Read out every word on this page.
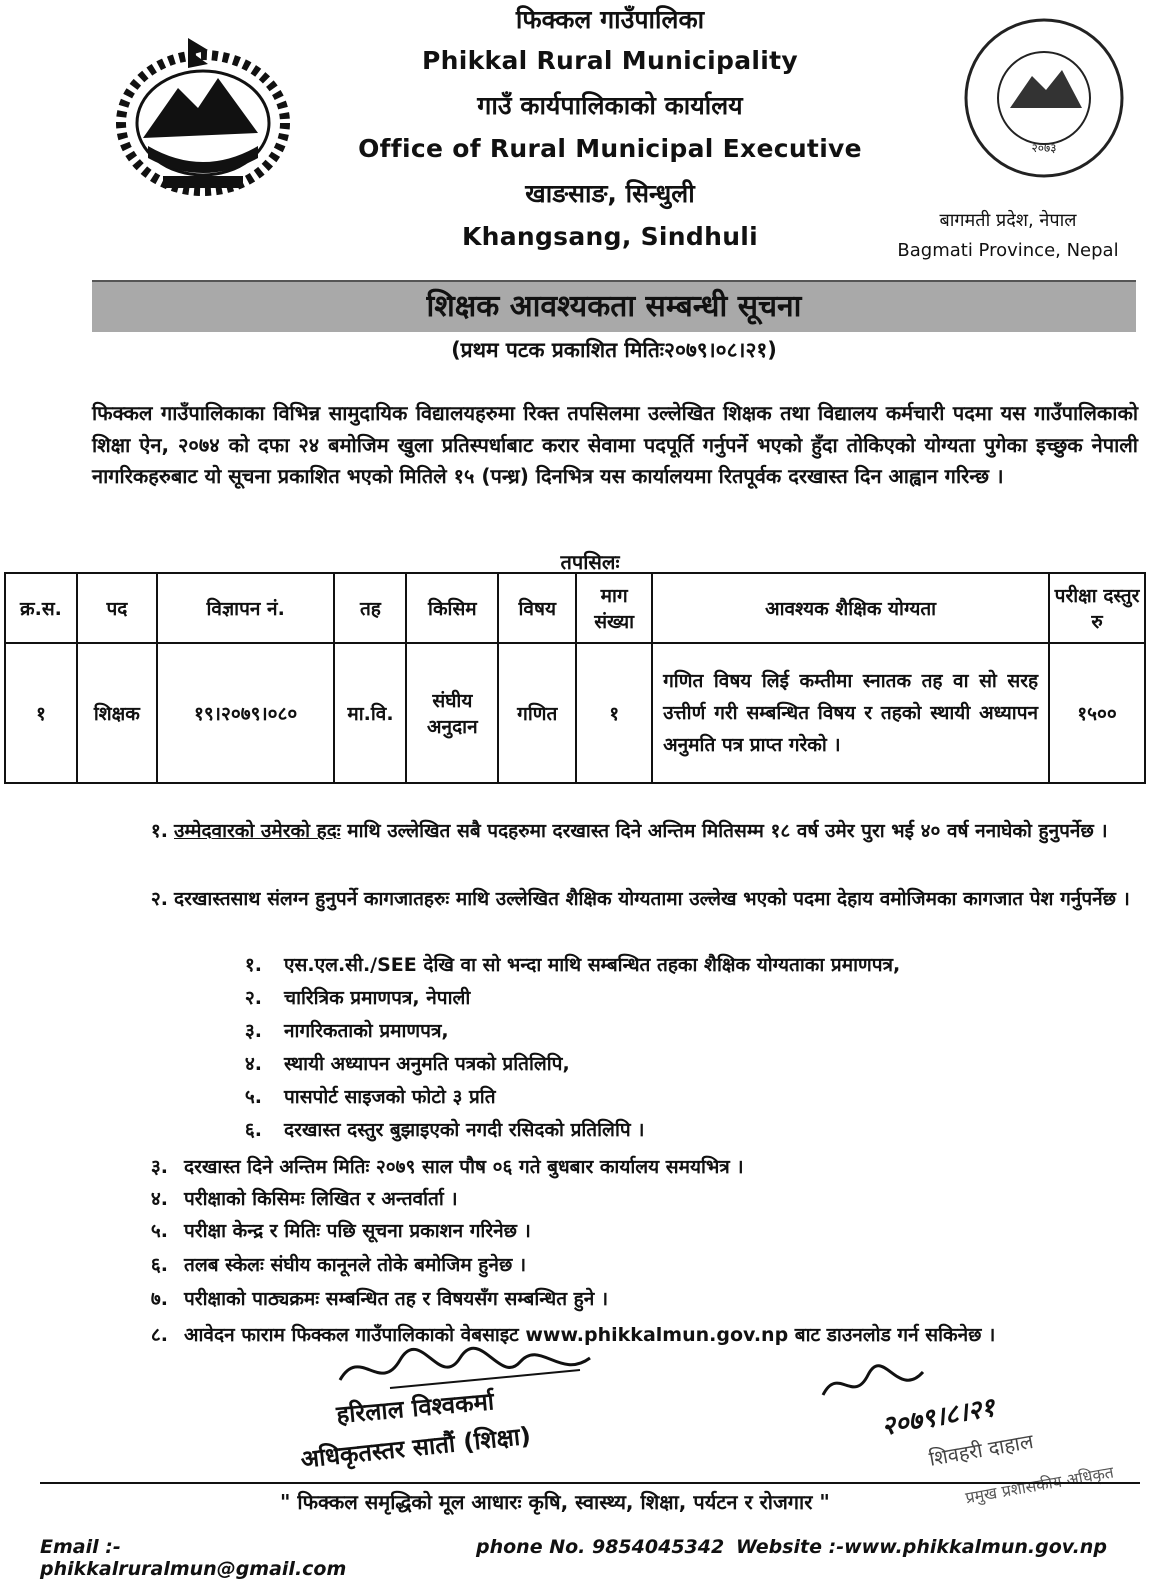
२०७३
फिक्कल गाउँपालिका
Phikkal Rural Municipality
गाउँ कार्यपालिकाको कार्यालय
Office of Rural Municipal Executive
खाङसाङ, सिन्धुली
Khangsang, Sindhuli
बागमती प्रदेश, नेपाल
Bagmati Province, Nepal
शिक्षक आवश्यकता सम्बन्धी सूचना
(प्रथम पटक प्रकाशित मितिः२०७९।०८।२१)
फिक्कल गाउँपालिकाका विभिन्न सामुदायिक विद्यालयहरुमा रिक्त तपसिलमा उल्लेखित शिक्षक तथा विद्यालय कर्मचारी पदमा यस गाउँपालिकाको शिक्षा ऐन, २०७४ को दफा २४ बमोजिम खुला प्रतिस्पर्धाबाट करार सेवामा पदपूर्ति गर्नुपर्ने भएको हुँदा तोकिएको योग्यता पुगेका इच्छुक नेपाली नागरिकहरुबाट यो सूचना प्रकाशित भएको मितिले १५ (पन्ध्र) दिनभित्र यस कार्यालयमा रितपूर्वक दरखास्त दिन आह्वान गरिन्छ ।
तपसिलः
क्र.स.	पद	विज्ञापन नं.	तह	किसिम	विषय	माग संख्या	आवश्यक शैक्षिक योग्यता	परीक्षा दस्तुर रु
१	शिक्षक	१९।२०७९।०८०	मा.वि.	संघीय अनुदान	गणित	१	गणित विषय लिई कम्तीमा स्नातक तह वा सो सरह उत्तीर्ण गरी सम्बन्धित विषय र तहको स्थायी अध्यापन अनुमति पत्र प्राप्त गरेको ।	१५००
१. उम्मेदवारको उमेरको हदः माथि उल्लेखित सबै पदहरुमा दरखास्त दिने अन्तिम मितिसम्म १८ वर्ष उमेर पुरा भई ४० वर्ष ननाघेको हुनुपर्नेछ ।
२. दरखास्तसाथ संलग्न हुनुपर्ने कागजातहरुः माथि उल्लेखित शैक्षिक योग्यतामा उल्लेख भएको पदमा देहाय वमोजिमका कागजात पेश गर्नुपर्नेछ ।
१. एस.एल.सी./SEE देखि वा सो भन्दा माथि सम्बन्धित तहका शैक्षिक योग्यताका प्रमाणपत्र,
२. चारित्रिक प्रमाणपत्र, नेपाली
३. नागरिकताको प्रमाणपत्र,
४. स्थायी अध्यापन अनुमति पत्रको प्रतिलिपि,
५. पासपोर्ट साइजको फोटो ३ प्रति
६. दरखास्त दस्तुर बुझाइएको नगदी रसिदको प्रतिलिपि ।
३. दरखास्त दिने अन्तिम मितिः २०७९ साल पौष ०६ गते बुधबार कार्यालय समयभित्र ।
४. परीक्षाको किसिमः लिखित र अन्तर्वार्ता ।
५. परीक्षा केन्द्र र मितिः पछि सूचना प्रकाशन गरिनेछ ।
६. तलब स्केलः संघीय कानूनले तोके बमोजिम हुनेछ ।
७. परीक्षाको पाठ्यक्रमः सम्बन्धित तह र विषयसँग सम्बन्धित हुने ।
८. आवेदन फाराम फिक्कल गाउँपालिकाको वेबसाइट www.phikkalmun.gov.np बाट डाउनलोड गर्न सकिनेछ ।
हरिलाल विश्वकर्मा
अधिकृतस्तर सातौं (शिक्षा)
२०७९।८।२१
शिवहरी दाहाल
प्रमुख प्रशासकीय अधिकृत
" फिक्कल समृद्धिको मूल आधारः कृषि, स्वास्थ्य, शिक्षा, पर्यटन र रोजगार "
Email :-phikkalruralmun@gmail.com
phone No. 9854045342 Website :-www.phikkalmun.gov.np
